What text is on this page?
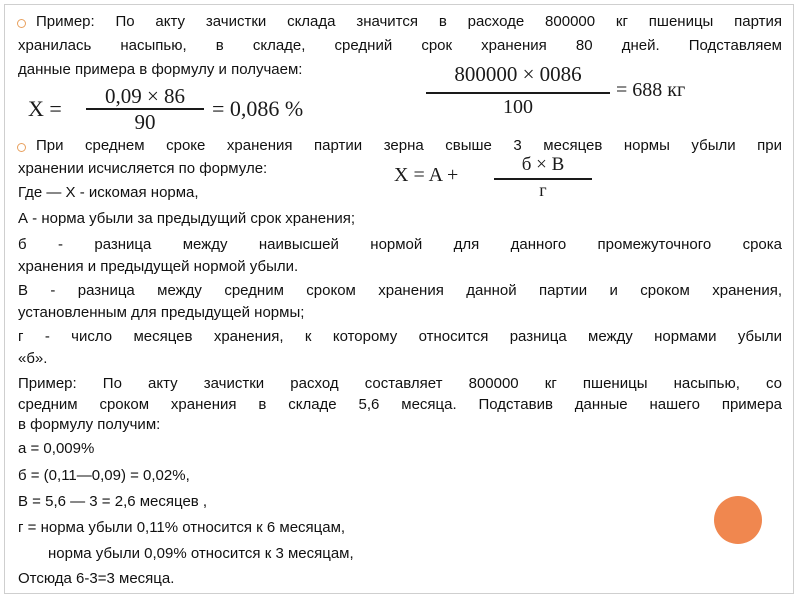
Пример: По акту зачистки склада значится в расходе 800000 кг пшеницы партия
хранилась насыпью, в складе, средний срок хранения 80 дней. Подставляем
данные примера в формулу и получаем:
X =	0,09 × 86
90
= 0,086 %
800000 × 0086
100
= 688 кг
При среднем сроке хранения партии зерна свыше 3 месяцев нормы убыли при
хранении исчисляется по формуле:	X = A +	б × B
г
Где — X - искомая норма,
А - норма убыли за предыдущий срок хранения;
б - разница между наивысшей нормой для данного промежуточного срока
хранения и предыдущей нормой убыли.
В - разница между средним сроком хранения данной партии и сроком хранения,
установленным для предыдущей нормы;
г - число месяцев хранения, к которому относится разница между нормами убыли
«б».
Пример: По акту зачистки расход составляет 800000 кг пшеницы насыпью, со
средним сроком хранения в складе 5,6 месяца. Подставив данные нашего примера
в формулу получим:
а = 0,009%
б = (0,11—0,09) = 0,02%,
В = 5,6 — 3 = 2,6 месяцев ,
г = норма убыли 0,11% относится к 6 месяцам,
норма убыли 0,09% относится к 3 месяцам,
Отсюда 6-3=3 месяца.
